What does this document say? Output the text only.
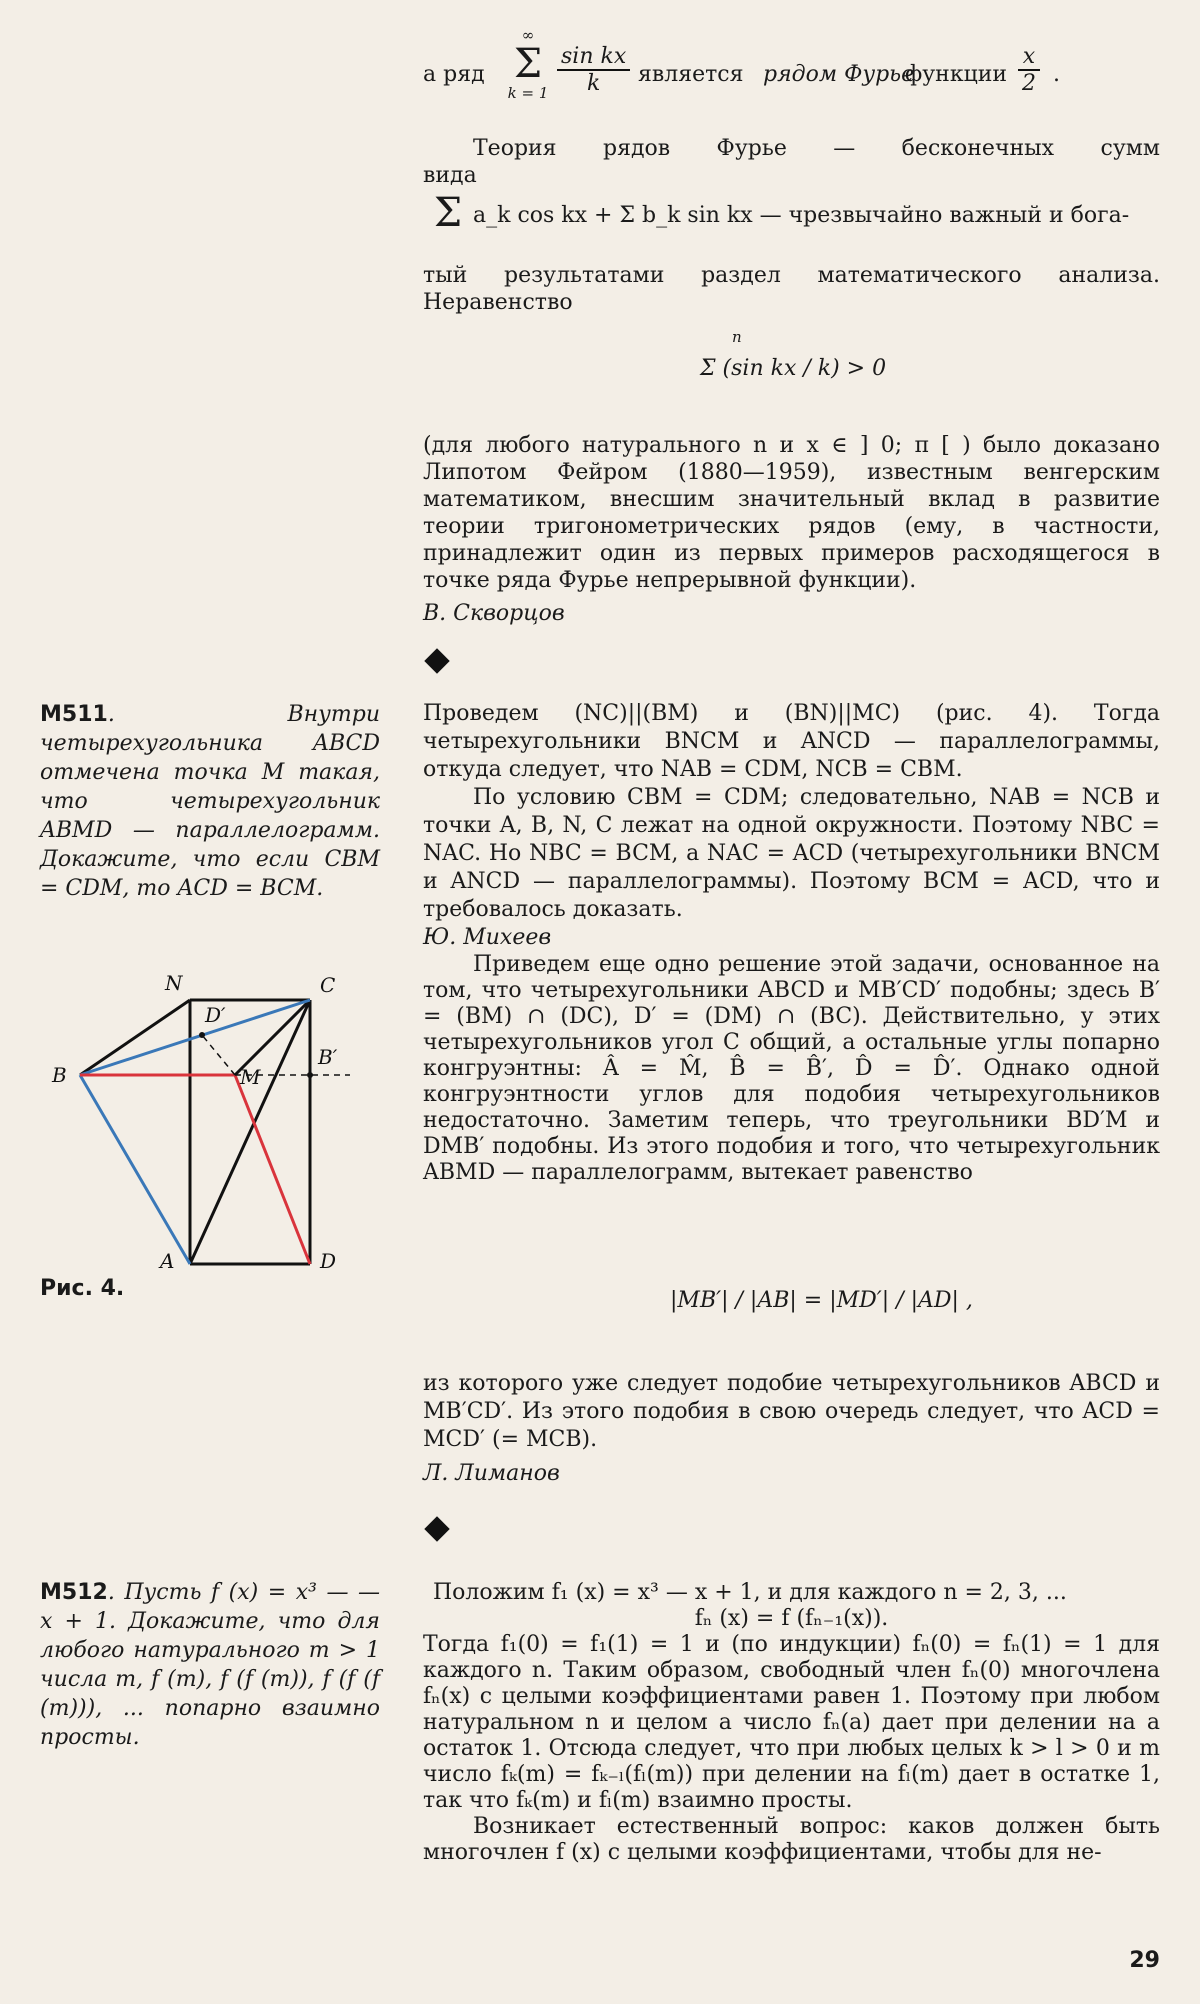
а ряд
∞
Σ
$k = 1 \frac{\text{sin kx}}{k}$ является рядом Фурье
функции $\frac{x}{2}$ .

Теория рядов Фурье — бесконечных сумм вида

Σ a_k cos kx + Σ b_k sin kx — чрезвычайно важный и бога-

тый результатами раздел математического анализа. Неравенство

n
Σ (sin kx / k) > 0

(для любого натурального n и x ∈ ] 0; π [ ) было доказано Липотом Фейром (1880—1959), известным венгерским математиком, внесшим значительный вклад в развитие теории тригонометрических рядов (ему, в частности, принадлежит один из первых примеров расходящегося в точке ряда Фурье непрерывной функции).

В. Скворцов

М511. Внутри четырехугольника ABCD отмечена точка M такая, что четырехугольник ABMD — параллелограмм. Докажите, что если CBM = CDM, то ACD = BCM.

Проведем (NC)||(BM) и (BN)||MC) (рис. 4). Тогда четырехугольники BNCM и ANCD — параллелограммы, откуда следует, что NAB = CDM, NCB = CBM.

По условию CBM = CDM; следовательно, NAB = NCB и точки A, B, N, C лежат на одной окружности. Поэтому NBC = NAC. Но NBC = BCM, а NAC = ACD (четырехугольники BNCM и ANCD — параллелограммы). Поэтому BCM = ACD, что и требовалось доказать.

Ю. Михеев

Приведем еще одно решение этой задачи, основанное на том, что четырехугольники ABCD и MB′CD′ подобны; здесь B′ = (BM) ∩ (DC), D′ = (DM) ∩ (BC). Действительно, у этих четырехугольников угол C общий, а остальные углы попарно конгруэнтны: Â = M̂, B̂ = B̂′, D̂ = D̂′. Однако одной конгруэнтности углов для подобия четырехугольников недостаточно. Заметим теперь, что треугольники BD′M и DMB′ подобны. Из этого подобия и того, что четырехугольник ABMD — параллелограмм, вытекает равенство

|MB′| / |AB| = |MD′| / |AD| ,

из которого уже следует подобие четырехугольников ABCD и MB′CD′. Из этого подобия в свою очередь следует, что ACD = MCD′ (= MCB).

Л. Лиманов

N	C
D′
B′
B	M
A	D
Рис. 4.
М512. Пусть f (x) = x³ — — x + 1. Докажите, что для любого натурального m > 1 числа m, f (m), f (f (m)), f (f (f (m))), ... попарно взаимно просты.

Положим f₁ (x) = x³ — x + 1, и для каждого n = 2, 3, ...

fₙ (x) = f (fₙ₋₁(x)).

Тогда f₁(0) = f₁(1) = 1 и (по индукции) fₙ(0) = fₙ(1) = 1 для каждого n. Таким образом, свободный член fₙ(0) многочлена fₙ(x) с целыми коэффициентами равен 1. Поэтому при любом натуральном n и целом a число fₙ(a) дает при делении на a остаток 1. Отсюда следует, что при любых целых k > l > 0 и m число fₖ(m) = fₖ₋ₗ(fₗ(m)) при делении на fₗ(m) дает в остатке 1, так что fₖ(m) и fₗ(m) взаимно просты.

Возникает естественный вопрос: каков должен быть многочлен f (x) с целыми коэффициентами, чтобы для не-

29
